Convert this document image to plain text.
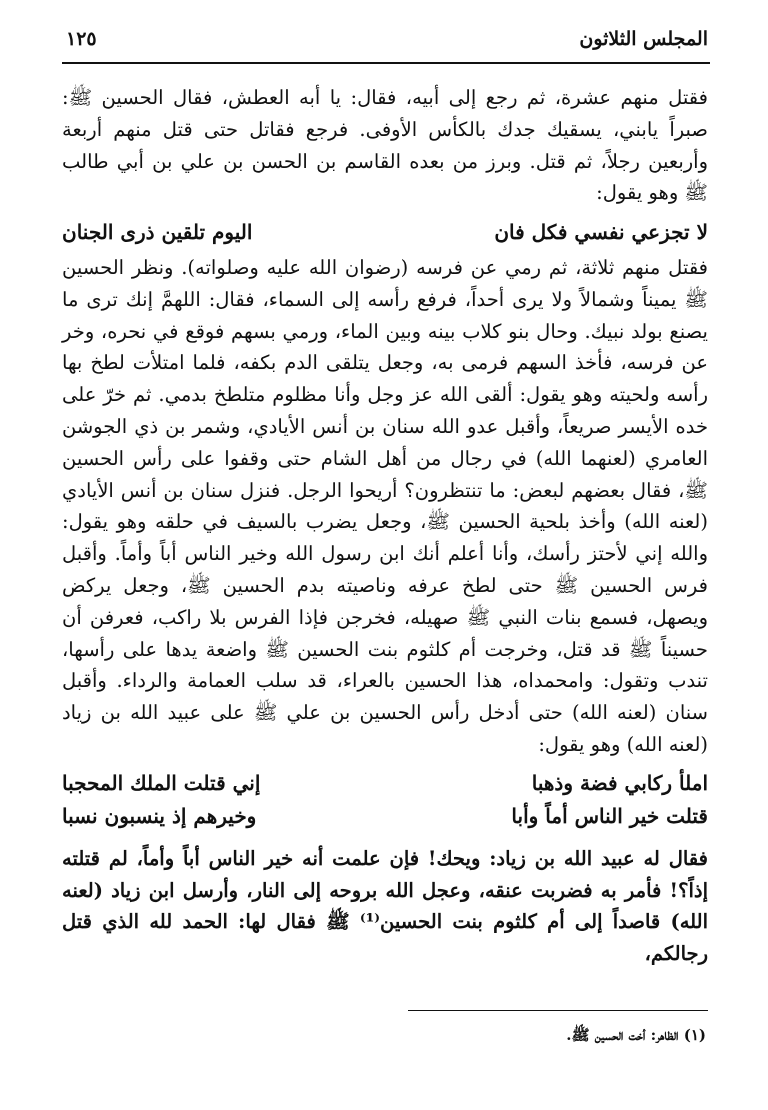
المجلس الثلاثون
١٢٥

فقتل منهم عشرة، ثم رجع إلى أبيه، فقال: يا أبه العطش، فقال الحسين ﷺ: صبراً يابني، يسقيك جدك بالكأس الأوفى. فرجع فقاتل حتى قتل منهم أربعة وأربعين رجلاً، ثم قتل. وبرز من بعده القاسم بن الحسن بن علي بن أبي طالب ﷺ وهو يقول:

لا تجزعي نفسي فكل فان
اليوم تلقين ذرى الجنان

فقتل منهم ثلاثة، ثم رمي عن فرسه (رضوان الله عليه وصلواته). ونظر الحسين ﷺ يميناً وشمالاً ولا يرى أحداً، فرفع رأسه إلى السماء، فقال: اللهمَّ إنك ترى ما يصنع بولد نبيك. وحال بنو كلاب بينه وبين الماء، ورمي بسهم فوقع في نحره، وخر عن فرسه، فأخذ السهم فرمى به، وجعل يتلقى الدم بكفه، فلما امتلأت لطخ بها رأسه ولحيته وهو يقول: ألقى الله عز وجل وأنا مظلوم متلطخ بدمي. ثم خرّ على خده الأيسر صريعاً، وأقبل عدو الله سنان بن أنس الأيادي، وشمر بن ذي الجوشن العامري (لعنهما الله) في رجال من أهل الشام حتى وقفوا على رأس الحسين ﷺ، فقال بعضهم لبعض: ما تنتظرون؟ أريحوا الرجل. فنزل سنان بن أنس الأيادي (لعنه الله) وأخذ بلحية الحسين ﷺ، وجعل يضرب بالسيف في حلقه وهو يقول: والله إني لأحتز رأسك، وأنا أعلم أنك ابن رسول الله وخير الناس أباً وأماً. وأقبل فرس الحسين ﷺ حتى لطخ عرفه وناصيته بدم الحسين ﷺ، وجعل يركض ويصهل، فسمع بنات النبي ﷺ صهيله، فخرجن فإذا الفرس بلا راكب، فعرفن أن حسيناً ﷺ قد قتل، وخرجت أم كلثوم بنت الحسين ﷺ واضعة يدها على رأسها، تندب وتقول: وامحمداه، هذا الحسين بالعراء، قد سلب العمامة والرداء. وأقبل سنان (لعنه الله) حتى أدخل رأس الحسين بن علي ﷺ على عبيد الله بن زياد (لعنه الله) وهو يقول:

املأ ركابي فضة وذهبا
إني قتلت الملك المحجبا
قتلت خير الناس أماً وأبا
وخيرهم إذ ينسبون نسبا

فقال له عبيد الله بن زياد: ويحك! فإن علمت أنه خير الناس أباً وأماً، لم قتلته إذاً؟! فأمر به فضربت عنقه، وعجل الله بروحه إلى النار، وأرسل ابن زياد (لعنه الله) قاصداً إلى أم كلثوم بنت الحسين⁽¹⁾ ﷺ فقال لها: الحمد لله الذي قتل رجالكم،

(١) الظاهر: أخت الحسين ﷺ.
